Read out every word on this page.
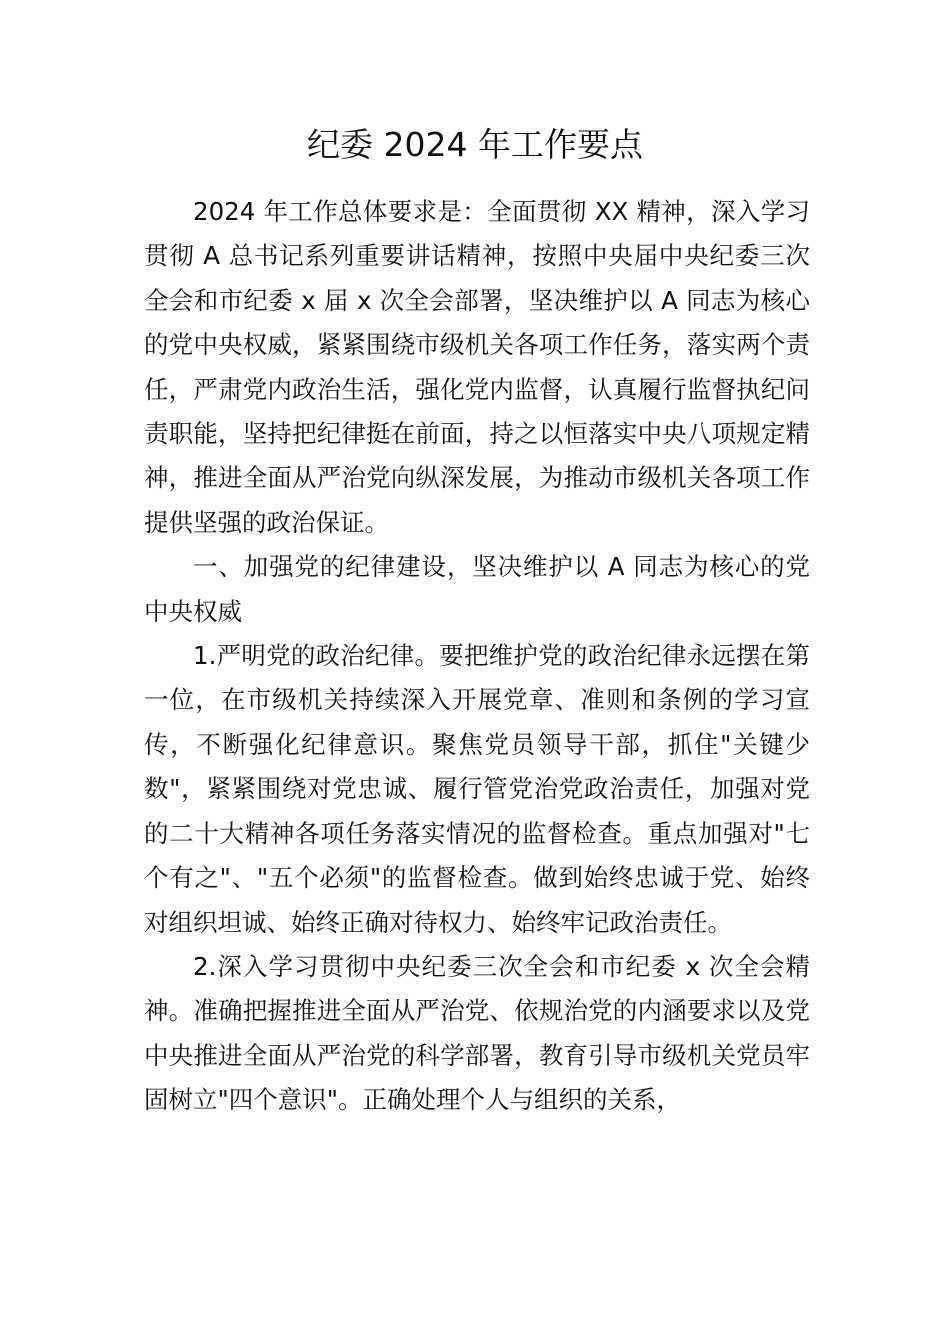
纪委 2024 年工作要点

2024 年工作总体要求是：全面贯彻 XX 精神，深入学习贯彻 A 总书记系列重要讲话精神，按照中央届中央纪委三次全会和市纪委 x 届 x 次全会部署，坚决维护以 A 同志为核心的党中央权威，紧紧围绕市级机关各项工作任务，落实两个责任，严肃党内政治生活，强化党内监督，认真履行监督执纪问责职能，坚持把纪律挺在前面，持之以恒落实中央八项规定精神，推进全面从严治党向纵深发展，为推动市级机关各项工作提供坚强的政治保证。

一、加强党的纪律建设，坚决维护以 A 同志为核心的党中央权威

1.严明党的政治纪律。要把维护党的政治纪律永远摆在第一位，在市级机关持续深入开展党章、准则和条例的学习宣传，不断强化纪律意识。聚焦党员领导干部，抓住"关键少数"，紧紧围绕对党忠诚、履行管党治党政治责任，加强对党的二十大精神各项任务落实情况的监督检查。重点加强对"七个有之"、"五个必须"的监督检查。做到始终忠诚于党、始终对组织坦诚、始终正确对待权力、始终牢记政治责任。

2.深入学习贯彻中央纪委三次全会和市纪委 x 次全会精神。准确把握推进全面从严治党、依规治党的内涵要求以及党中央推进全面从严治党的科学部署，教育引导市级机关党员牢固树立"四个意识"。正确处理个人与组织的关系，
